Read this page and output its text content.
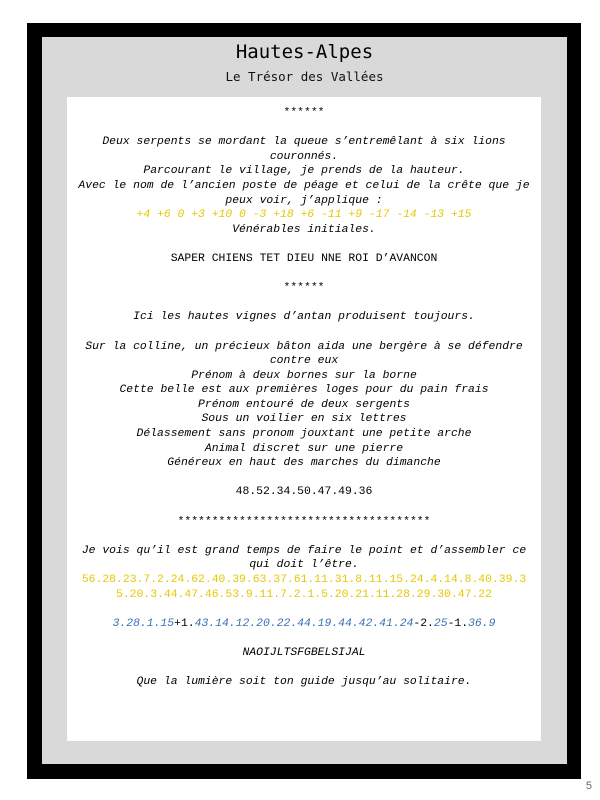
Hautes-Alpes
Le Trésor des Vallées

******

Deux serpents se mordant la queue s’entremêlant à six lions couronnés.

Parcourant le village, je prends de la hauteur.

Avec le nom de l’ancien poste de péage et celui de la crête que je peux voir, j’applique :

+4 +6 0 +3 +10 0 -3 +18 +6 -11 +9 -17 -14 -13 +15

Vénérables initiales.

SAPER CHIENS TET DIEU NNE ROI D’AVANCON

******

Ici les hautes vignes d’antan produisent toujours.

Sur la colline, un précieux bâton aida une bergère à se défendre contre eux

Prénom à deux bornes sur la borne

Cette belle est aux premières loges pour du pain frais

Prénom entouré de deux sergents

Sous un voilier en six lettres

Délassement sans pronom jouxtant une petite arche

Animal discret sur une pierre

Généreux en haut des marches du dimanche

48.52.34.50.47.49.36

*************************************

Je vois qu’il est grand temps de faire le point et d’assembler ce qui doit l’être.

56.28.23.7.2.24.62.40.39.63.37.61.11.31.8.11.15.24.4.14.8.40.39.35.20.3.44.47.46.53.9.11.7.2.1.5.20.21.11.28.29.30.47.22

3.28.1.15+1.43.14.12.20.22.44.19.44.42.41.24-2.25-1.36.9

NAOIJLTSFGBELSIJAL

Que la lumière soit ton guide jusqu’au solitaire.

5
